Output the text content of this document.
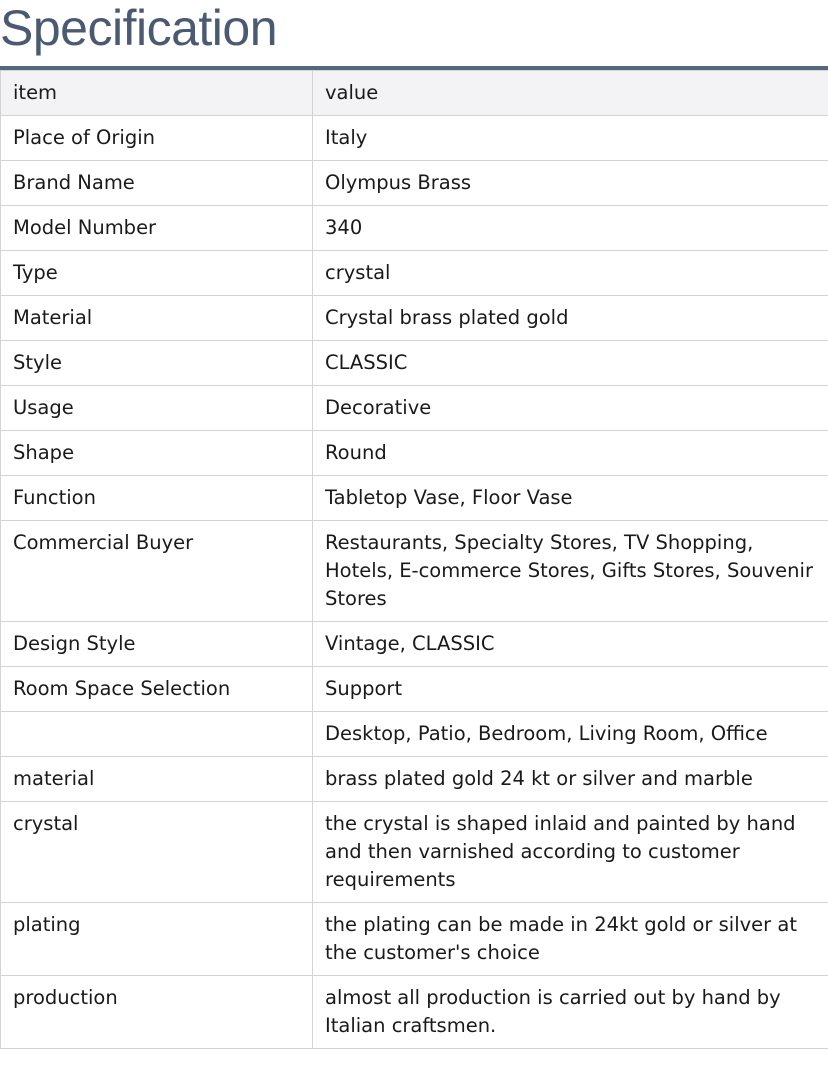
Specification
item	value
Place of Origin	Italy
Brand Name	Olympus Brass
Model Number	340
Type	crystal
Material	Crystal brass plated gold
Style	CLASSIC
Usage	Decorative
Shape	Round
Function	Tabletop Vase, Floor Vase
Commercial Buyer	Restaurants, Specialty Stores, TV Shopping, Hotels, E-commerce Stores, Gifts Stores, Souvenir Stores
Design Style	Vintage, CLASSIC
Room Space Selection	Support
	Desktop, Patio, Bedroom, Living Room, Office
material	brass plated gold 24 kt or silver and marble
crystal	the crystal is shaped inlaid and painted by hand and then varnished according to customer requirements
plating	the plating can be made in 24kt gold or silver at the customer's choice
production	almost all production is carried out by hand by Italian craftsmen.
